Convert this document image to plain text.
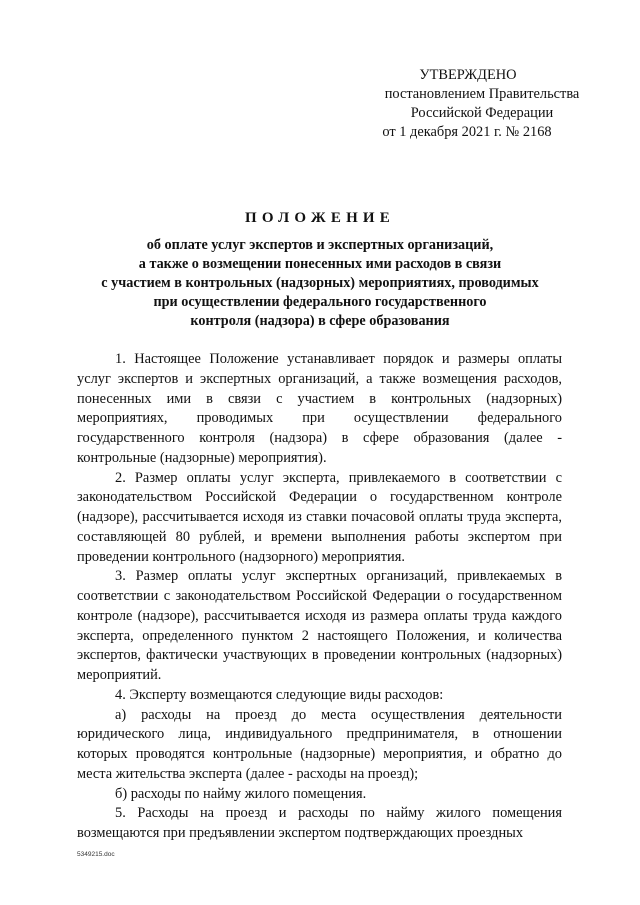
УТВЕРЖДЕНО
постановлением Правительства
Российской Федерации
от 1 декабря 2021 г. № 2168
ПОЛОЖЕНИЕ
об оплате услуг экспертов и экспертных организаций,
а также о возмещении понесенных ими расходов в связи
с участием в контрольных (надзорных) мероприятиях, проводимых
при осуществлении федерального государственного
контроля (надзора) в сфере образования

1. Настоящее Положение устанавливает порядок и размеры оплаты услуг экспертов и экспертных организаций, а также возмещения расходов, понесенных ими в связи с участием в контрольных (надзорных) мероприятиях, проводимых при осуществлении федерального государственного контроля (надзора) в сфере образования (далее - контрольные (надзорные) мероприятия).

2. Размер оплаты услуг эксперта, привлекаемого в соответствии с законодательством Российской Федерации о государственном контроле (надзоре), рассчитывается исходя из ставки почасовой оплаты труда эксперта, составляющей 80 рублей, и времени выполнения работы экспертом при проведении контрольного (надзорного) мероприятия.

3. Размер оплаты услуг экспертных организаций, привлекаемых в соответствии с законодательством Российской Федерации о государственном контроле (надзоре), рассчитывается исходя из размера оплаты труда каждого эксперта, определенного пунктом 2 настоящего Положения, и количества экспертов, фактически участвующих в проведении контрольных (надзорных) мероприятий.

4. Эксперту возмещаются следующие виды расходов:

а) расходы на проезд до места осуществления деятельности юридического лица, индивидуального предпринимателя, в отношении которых проводятся контрольные (надзорные) мероприятия, и обратно до места жительства эксперта (далее - расходы на проезд);

б) расходы по найму жилого помещения.

5. Расходы на проезд и расходы по найму жилого помещения возмещаются при предъявлении экспертом подтверждающих проездных

5349215.doc
